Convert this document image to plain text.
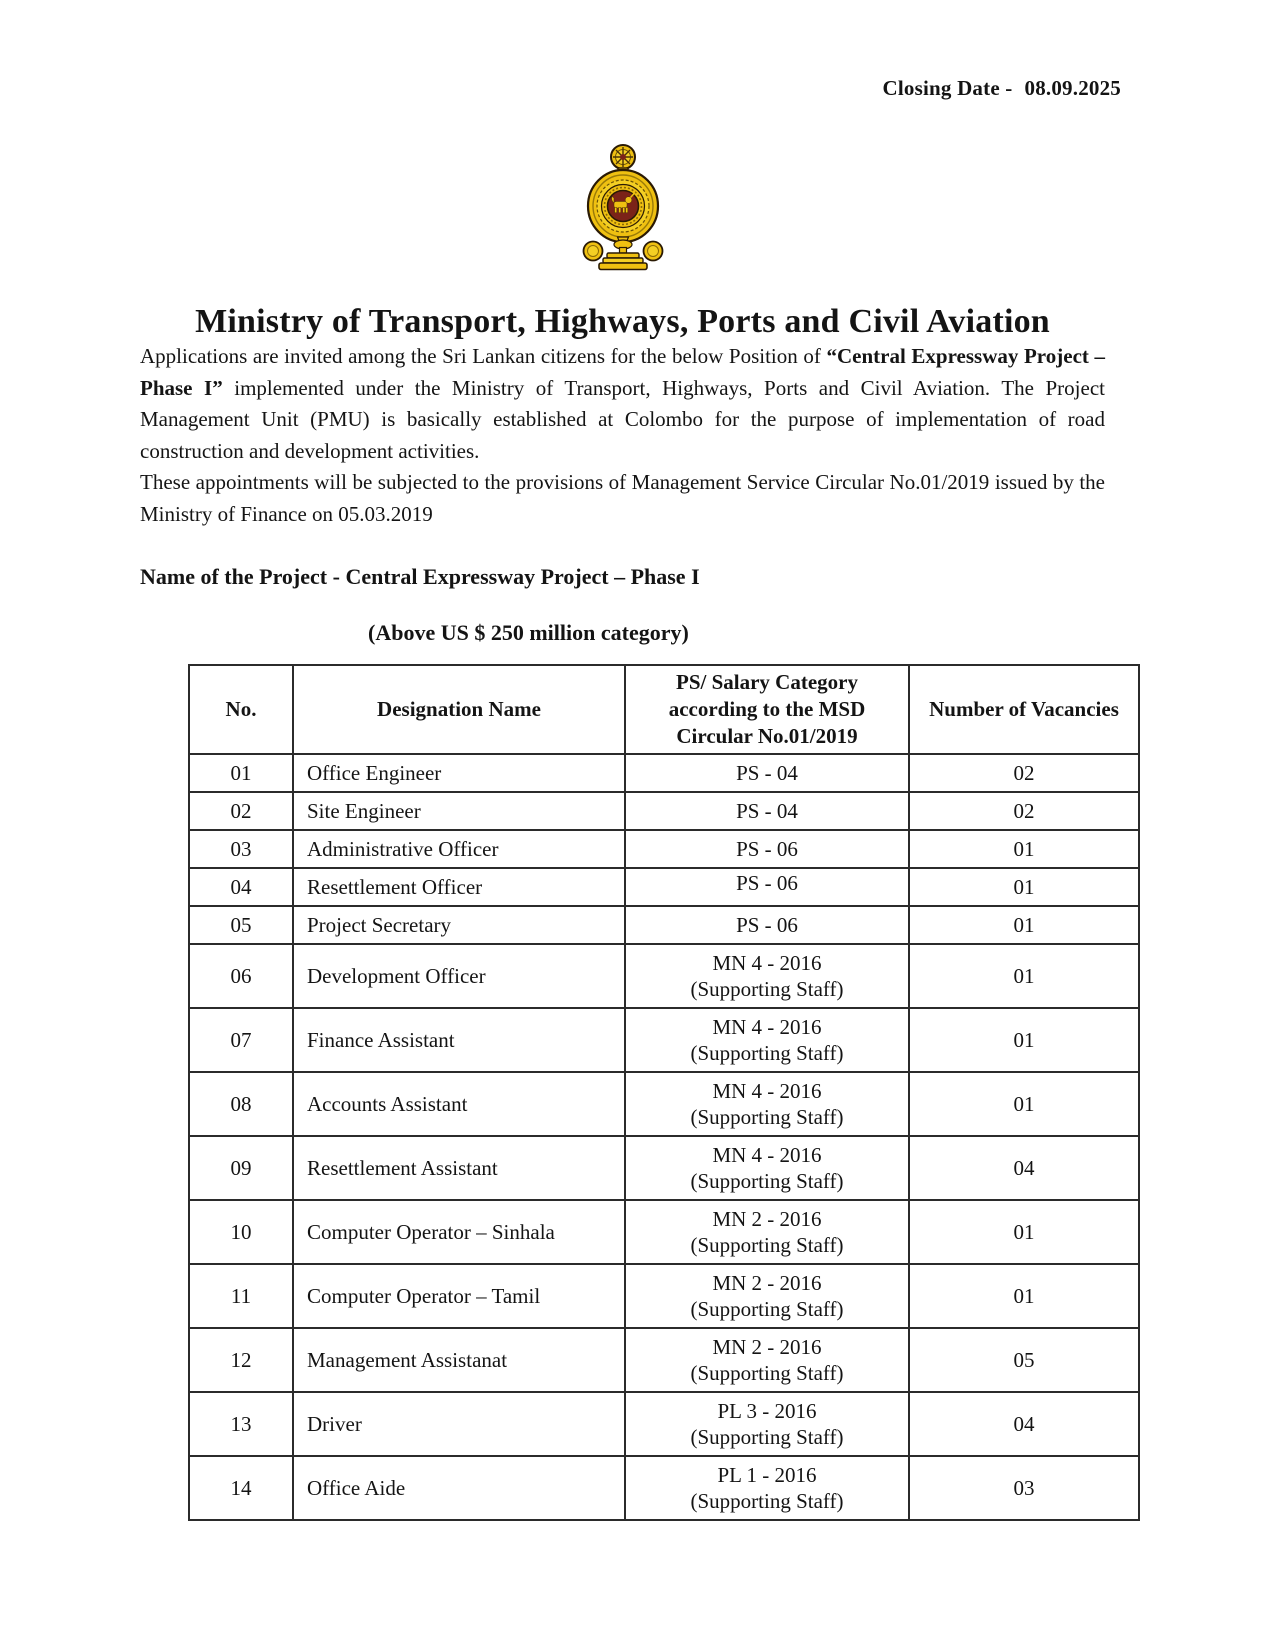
Closing Date - 08.09.2025
Ministry of Transport, Highways, Ports and Civil Aviation

Applications are invited among the Sri Lankan citizens for the below Position of “Central Expressway Project – Phase I” implemented under the Ministry of Transport, Highways, Ports and Civil Aviation. The Project Management Unit (PMU) is basically established at Colombo for the purpose of implementation of road construction and development activities.

These appointments will be subjected to the provisions of Management Service Circular No.01/2019 issued by the Ministry of Finance on 05.03.2019

Name of the Project - Central Expressway Project – Phase I
(Above US $ 250 million category)
No.	Designation Name	PS/ Salary Category
according to the MSD
Circular No.01/2019	Number of Vacancies
01	Office Engineer	PS - 04	02
02	Site Engineer	PS - 04	02
03	Administrative Officer	PS - 06	01
04	Resettlement Officer	PS - 06	01
05	Project Secretary	PS - 06	01
06	Development Officer	MN 4 - 2016
(Supporting Staff)	01
07	Finance Assistant	MN 4 - 2016
(Supporting Staff)	01
08	Accounts Assistant	MN 4 - 2016
(Supporting Staff)	01
09	Resettlement Assistant	MN 4 - 2016
(Supporting Staff)	04
10	Computer Operator – Sinhala	MN 2 - 2016
(Supporting Staff)	01
11	Computer Operator – Tamil	MN 2 - 2016
(Supporting Staff)	01
12	Management Assistanat	MN 2 - 2016
(Supporting Staff)	05
13	Driver	PL 3 - 2016
(Supporting Staff)	04
14	Office Aide	PL 1 - 2016
(Supporting Staff)	03
